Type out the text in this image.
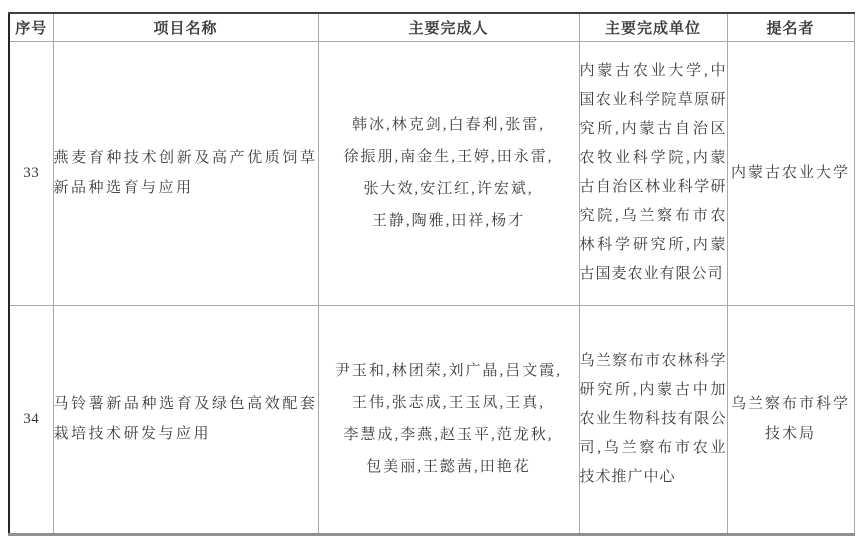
序号	项目名称	主要完成人	主要完成单位	提名者
33	燕麦育种技术创新及高产优质饲草新品种选育与应用	韩冰,林克剑,白春利,张雷,
徐振朋,南金生,王婷,田永雷,
张大效,安江红,许宏斌,
王静,陶雅,田祥,杨才	内蒙古农业大学,中国农业科学院草原研究所,内蒙古自治区农牧业科学院,内蒙古自治区林业科学研究院,乌兰察布市农林科学研究所,内蒙古国麦农业有限公司	内蒙古农业大学
34	马铃薯新品种选育及绿色高效配套栽培技术研发与应用	尹玉和,林团荣,刘广晶,吕文霞,
王伟,张志成,王玉凤,王真,
李慧成,李燕,赵玉平,范龙秋,
包美丽,王懿茜,田艳花	乌兰察布市农林科学研究所,内蒙古中加农业生物科技有限公司,乌兰察布市农业技术推广中心	乌兰察布市科学技术局
